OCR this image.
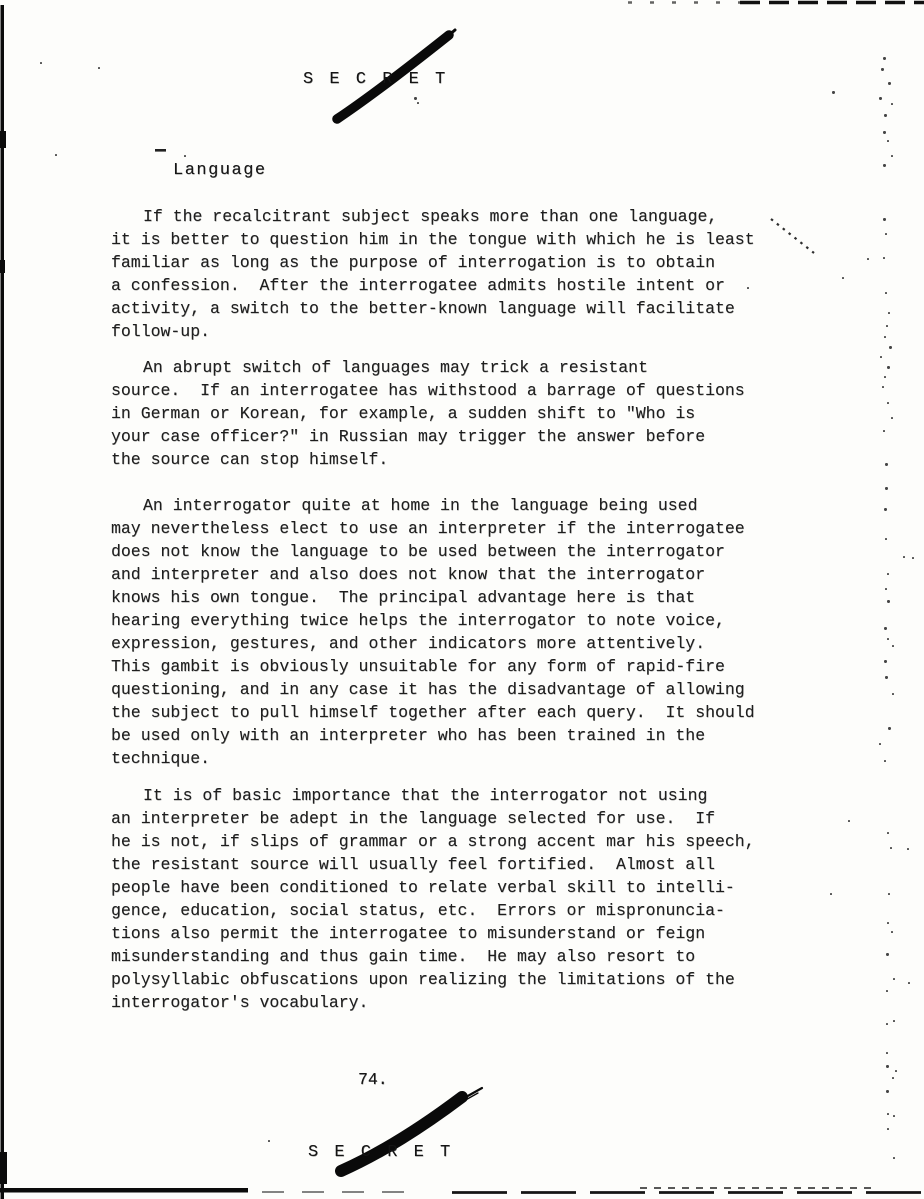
S E C R E T
Language
If the recalcitrant subject speaks more than one language,
it is better to question him in the tongue with which he is least
familiar as long as the purpose of interrogation is to obtain
a confession.  After the interrogatee admits hostile intent or
activity, a switch to the better-known language will facilitate
follow-up.
An abrupt switch of languages may trick a resistant
source.  If an interrogatee has withstood a barrage of questions
in German or Korean, for example, a sudden shift to "Who is
your case officer?" in Russian may trigger the answer before
the source can stop himself.
An interrogator quite at home in the language being used
may nevertheless elect to use an interpreter if the interrogatee
does not know the language to be used between the interrogator
and interpreter and also does not know that the interrogator
knows his own tongue.  The principal advantage here is that
hearing everything twice helps the interrogator to note voice,
expression, gestures, and other indicators more attentively.
This gambit is obviously unsuitable for any form of rapid-fire
questioning, and in any case it has the disadvantage of allowing
the subject to pull himself together after each query.  It should
be used only with an interpreter who has been trained in the
technique.
It is of basic importance that the interrogator not using
an interpreter be adept in the language selected for use.  If
he is not, if slips of grammar or a strong accent mar his speech,
the resistant source will usually feel fortified.  Almost all
people have been conditioned to relate verbal skill to intelli-
gence, education, social status, etc.  Errors or mispronuncia-
tions also permit the interrogatee to misunderstand or feign
misunderstanding and thus gain time.  He may also resort to
polysyllabic obfuscations upon realizing the limitations of the
interrogator's vocabulary.
74.
S E C R E T
